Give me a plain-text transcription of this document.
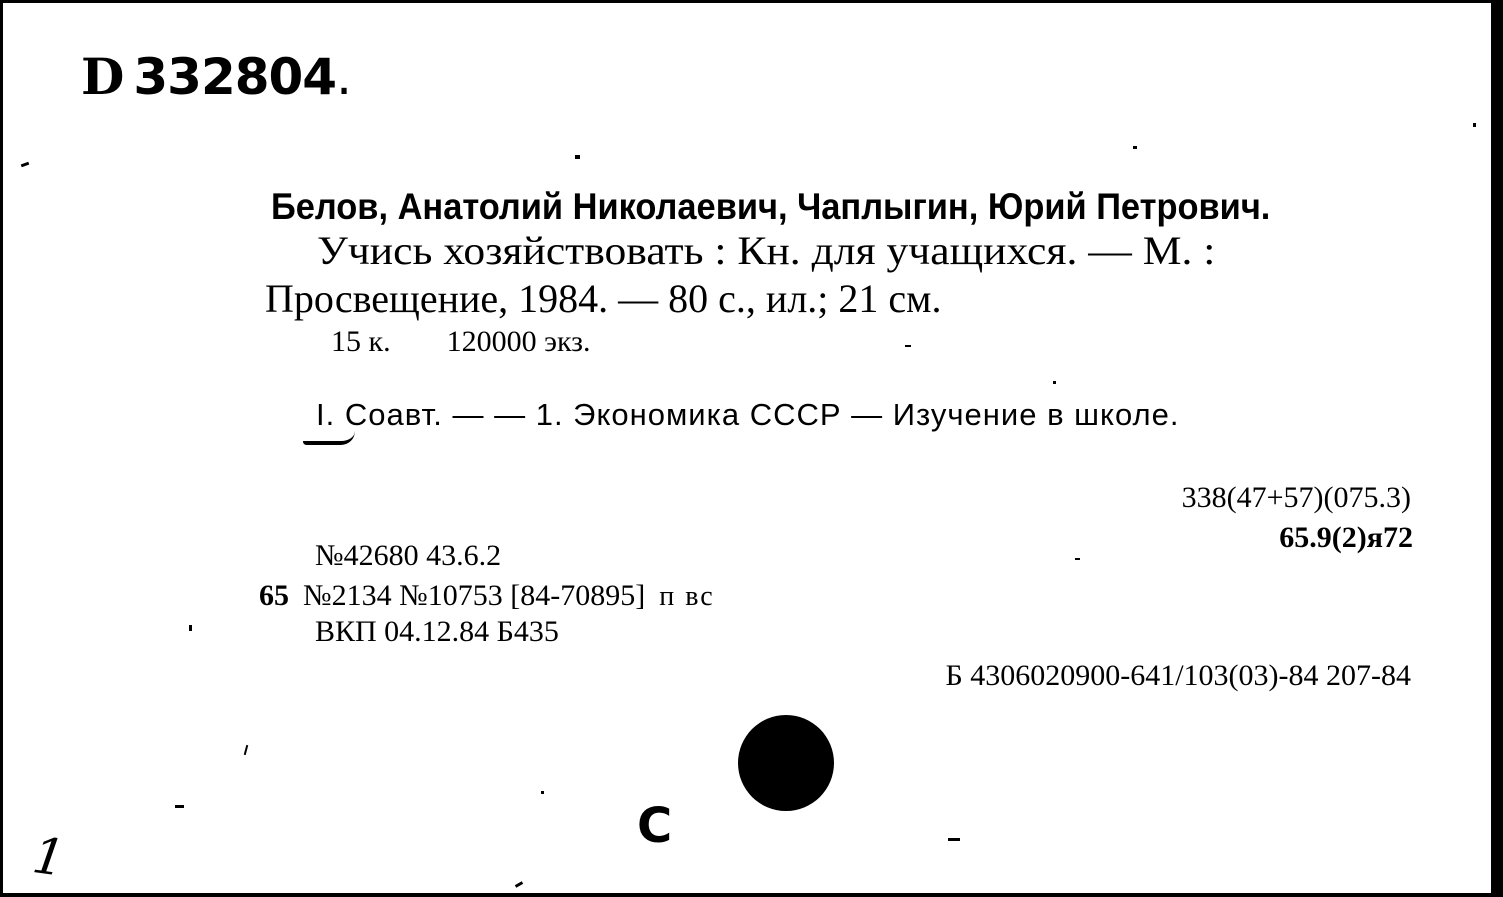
D 332804.
Белов, Анатолий Николаевич, Чаплыгин, Юрий Петрович.
Учись хозяйствовать : Кн. для учащихся. — М. :
Просвещение, 1984. — 80 с., ил.; 21 см.
15 к. 120000 экз.
I. Соавт. — — 1. Экономика СССР — Изучение в школе.
338(47+57)(075.3)
65.9(2)я72
№42680 43.6.2
65 №2134 №10753 [84-70895] п вс
ВКП 04.12.84 Б435
Б 4306020900-641/103(03)-84 207-84
С
1
